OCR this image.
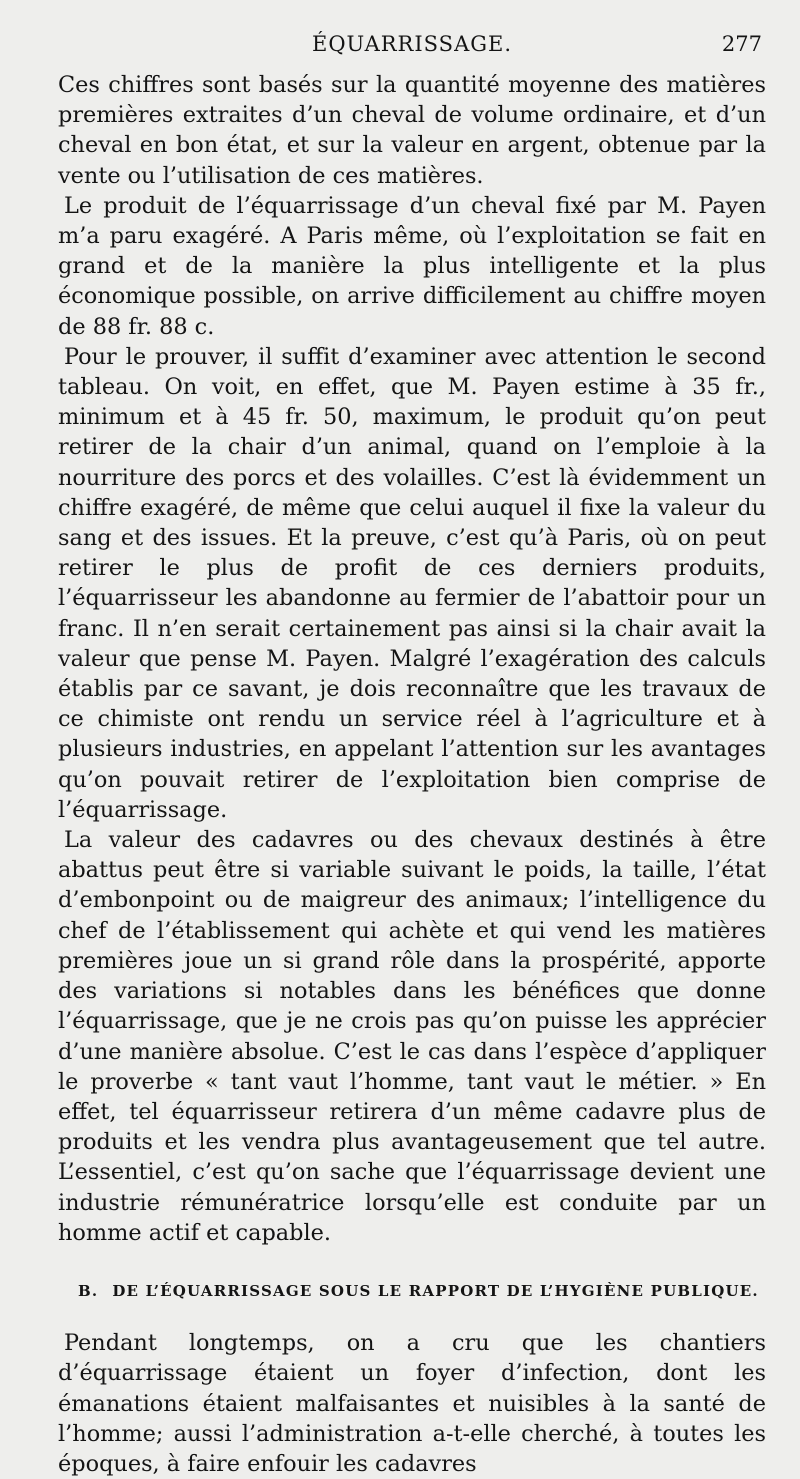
ÉQUARRISSAGE.	277

Ces chiffres sont basés sur la quantité moyenne des matières premières extraites d’un cheval de volume ordinaire, et d’un cheval en bon état, et sur la valeur en argent, obtenue par la vente ou l’utilisation de ces matières.

Le produit de l’équarrissage d’un cheval fixé par M. Payen m’a paru exagéré. A Paris même, où l’exploitation se fait en grand et de la manière la plus intelligente et la plus économique possible, on arrive difficilement au chiffre moyen de 88 fr. 88 c.

Pour le prouver, il suffit d’examiner avec attention le second tableau. On voit, en effet, que M. Payen estime à 35 fr., minimum et à 45 fr. 50, maximum, le produit qu’on peut retirer de la chair d’un animal, quand on l’emploie à la nourriture des porcs et des volailles. C’est là évidemment un chiffre exagéré, de même que celui auquel il fixe la valeur du sang et des issues. Et la preuve, c’est qu’à Paris, où on peut retirer le plus de profit de ces derniers produits, l’équarrisseur les abandonne au fermier de l’abattoir pour un franc. Il n’en serait certainement pas ainsi si la chair avait la valeur que pense M. Payen. Malgré l’exagération des calculs établis par ce savant, je dois reconnaître que les travaux de ce chimiste ont rendu un service réel à l’agriculture et à plusieurs industries, en appelant l’attention sur les avantages qu’on pouvait retirer de l’exploitation bien comprise de l’équarrissage.

La valeur des cadavres ou des chevaux destinés à être abattus peut être si variable suivant le poids, la taille, l’état d’embonpoint ou de maigreur des animaux; l’intelligence du chef de l’établissement qui achète et qui vend les matières premières joue un si grand rôle dans la prospérité, apporte des variations si notables dans les bénéfices que donne l’équarrissage, que je ne crois pas qu’on puisse les apprécier d’une manière absolue. C’est le cas dans l’espèce d’appliquer le proverbe « tant vaut l’homme, tant vaut le métier. » En effet, tel équarrisseur retirera d’un même cadavre plus de produits et les vendra plus avantageusement que tel autre. L’essentiel, c’est qu’on sache que l’équarrissage devient une industrie rémunératrice lorsqu’elle est conduite par un homme actif et capable.

B. DE L’ÉQUARRISSAGE SOUS LE RAPPORT DE L’HYGIÈNE PUBLIQUE.

Pendant longtemps, on a cru que les chantiers d’équarrissage étaient un foyer d’infection, dont les émanations étaient malfaisantes et nuisibles à la santé de l’homme; aussi l’administration a-t-elle cherché, à toutes les époques, à faire enfouir les cadavres
